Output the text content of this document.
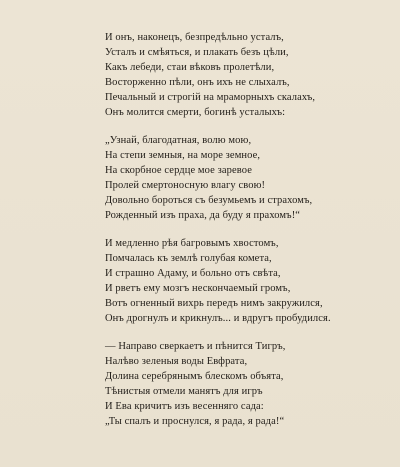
И онъ, наконецъ, безпредѣльно усталъ,
Усталъ и смѣяться, и плакать безъ цѣли,
Какъ лебеди, стаи вѣковъ пролетѣли,
Восторженно пѣли, онъ ихъ не слыхалъ,
Печальный и строгій на мраморныхъ скалахъ,
Онъ молится смерти, богинѣ усталыхъ:
„Узнай, благодатная, волю мою,
На степи земныя, на море земное,
На скорбное сердце мое заревое
Пролей смертоносную влагу свою!
Довольно бороться съ безумьемъ и страхомъ,
Рожденный изъ праха, да буду я прахомъ!“
И медленно рѣя багровымъ хвостомъ,
Помчалась къ землѣ голубая комета,
И страшно Адаму, и больно отъ свѣта,
И рветъ ему мозгъ нескончаемый громъ,
Вотъ огненный вихрь передъ нимъ закружился,
Онъ дрогнулъ и крикнулъ... и вдругъ пробудился.
— Направо сверкаетъ и пѣнится Тигръ,
Налѣво зеленыя воды Евфрата,
Долина серебрянымъ блескомъ объята,
Тѣнистыя отмели манятъ для игръ
И Ева кричитъ изъ весенняго сада:
„Ты спалъ и проснулся, я рада, я рада!“
